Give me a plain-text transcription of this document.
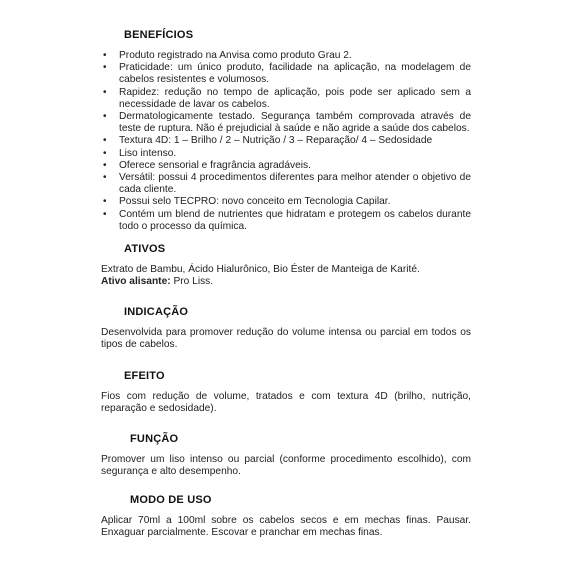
BENEFÍCIOS
• Produto registrado na Anvisa como produto Grau 2.
• Praticidade: um único produto, facilidade na aplicação, na modelagem de cabelos resistentes e volumosos.
• Rapidez: redução no tempo de aplicação, pois pode ser aplicado sem a necessidade de lavar os cabelos.
• Dermatologicamente testado. Segurança também comprovada através de teste de ruptura. Não é prejudicial à saúde e não agride a saúde dos cabelos.
• Textura 4D: 1 – Brilho / 2 – Nutrição / 3 – Reparação/ 4 – Sedosidade
• Liso intenso.
• Oferece sensorial e fragrância agradáveis.
• Versátil: possui 4 procedimentos diferentes para melhor atender o objetivo de cada cliente.
• Possui selo TECPRO: novo conceito em Tecnologia Capilar.
• Contém um blend de nutrientes que hidratam e protegem os cabelos durante todo o processo da química.
ATIVOS
Extrato de Bambu, Ácido Hialurônico, Bio Éster de Manteiga de Karité.
Ativo alisante: Pro Liss.
INDICAÇÃO
Desenvolvida para promover redução do volume intensa ou parcial em todos os tipos de cabelos.
EFEITO
Fios com redução de volume, tratados e com textura 4D (brilho, nutrição, reparação e sedosidade).
FUNÇÃO
Promover um liso intenso ou parcial (conforme procedimento escolhido), com segurança e alto desempenho.
MODO DE USO
Aplicar 70ml a 100ml sobre os cabelos secos e em mechas finas. Pausar. Enxaguar parcialmente. Escovar e pranchar em mechas finas.
